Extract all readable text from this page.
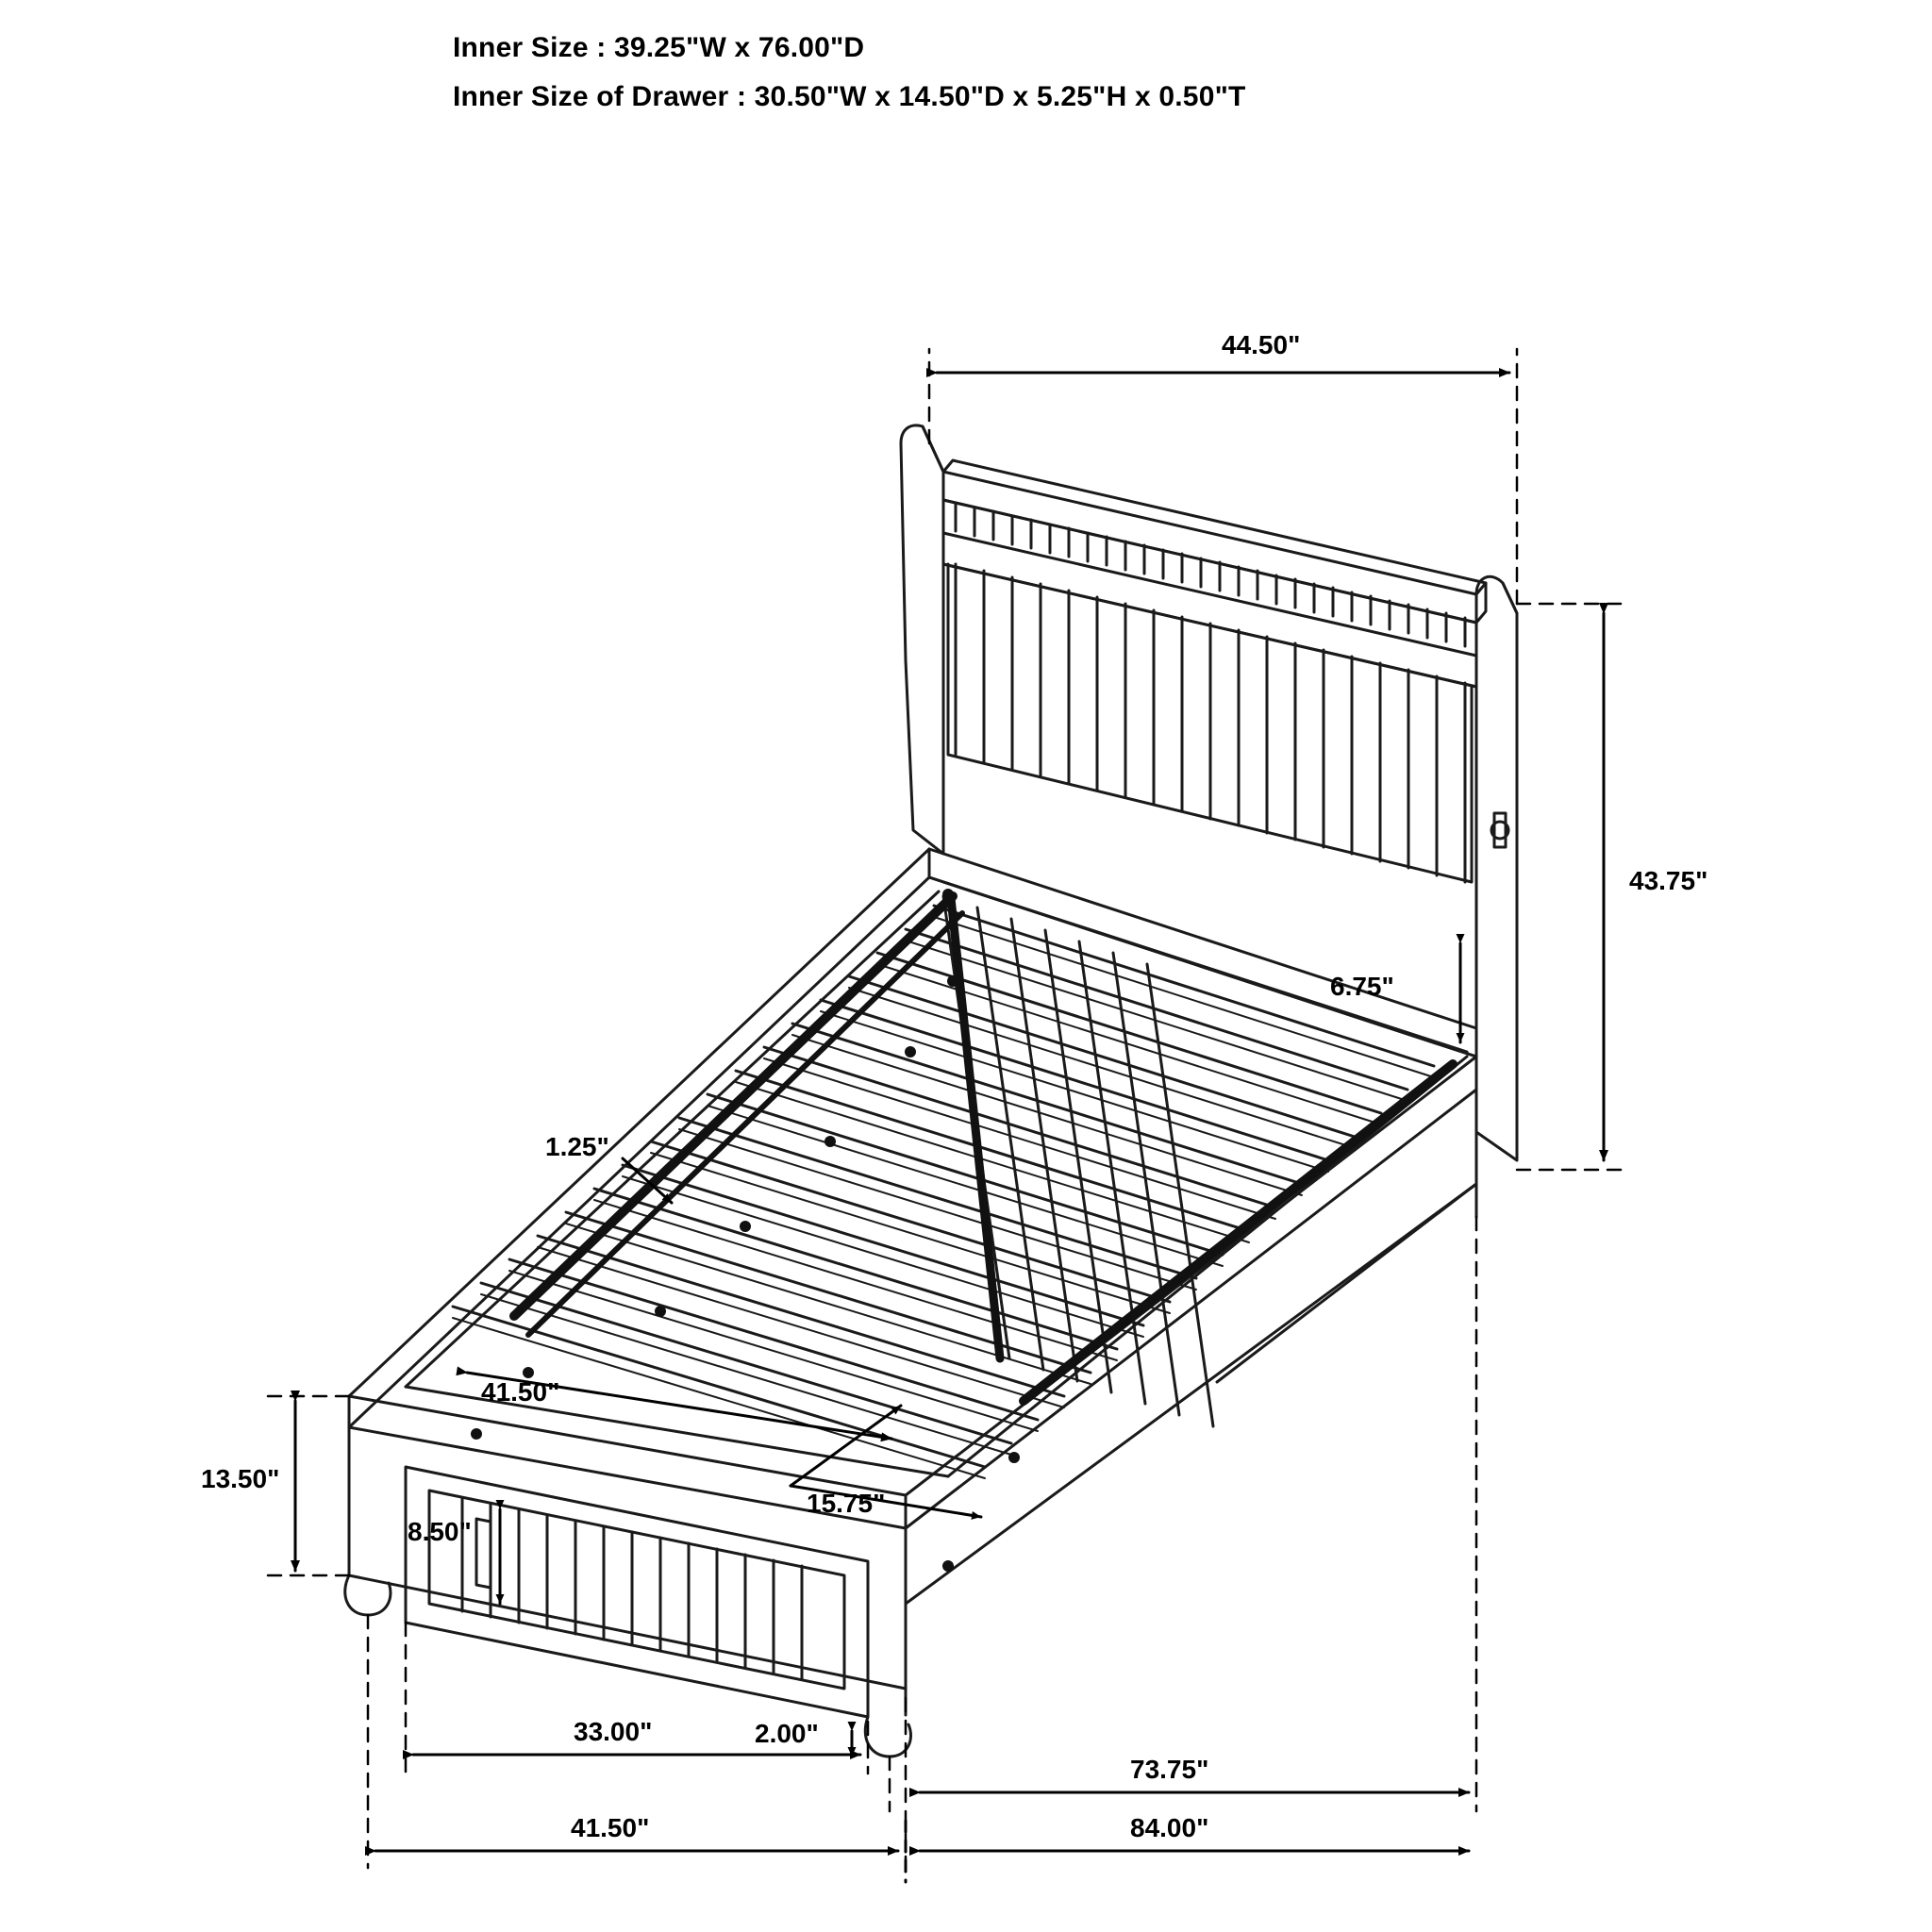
Inner Size : 39.25"W x 76.00"D
Inner Size of Drawer : 30.50"W x 14.50"D x 5.25"H x 0.50"T
44.50"
43.75"
6.75"
1.25"
41.50"
15.75"
13.50"
8.50"
2.00"
33.00"
73.75"
41.50"	84.00"
